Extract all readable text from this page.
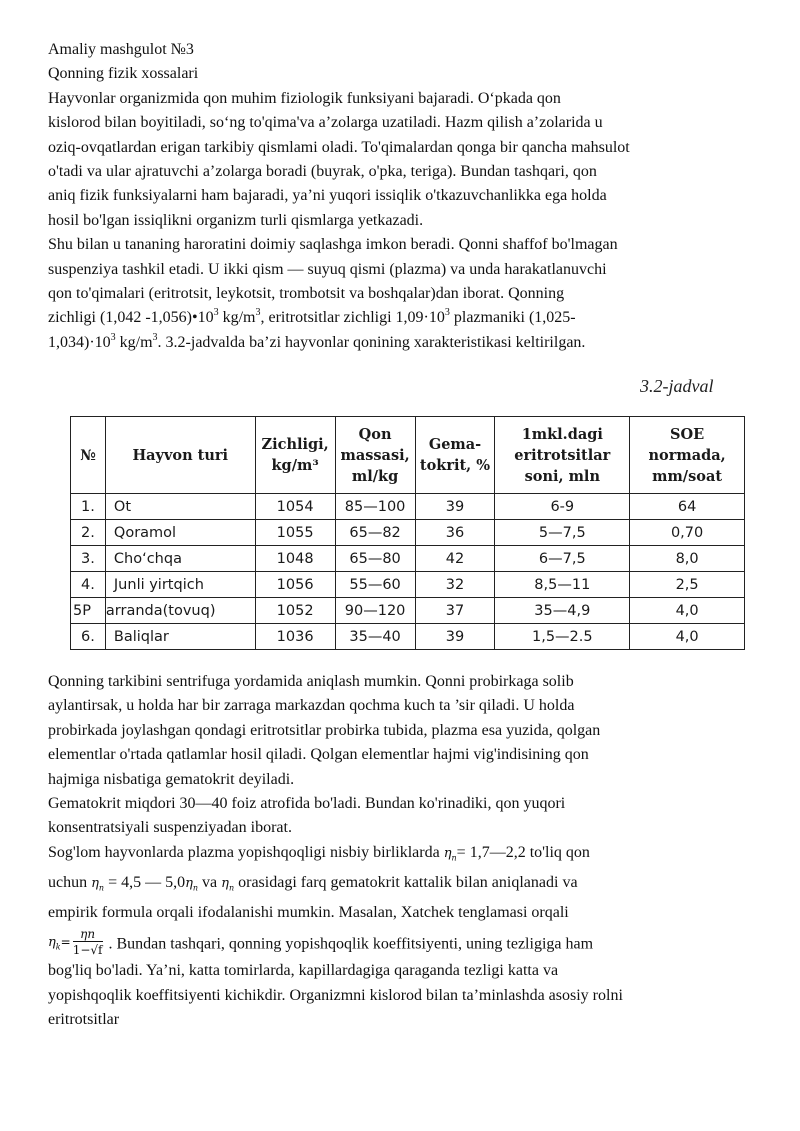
Amaliy mashgulot №3

Qonning fizik xossalari

Hayvonlar organizmida qon muhim fiziologik funksiyani bajaradi. O‘pkada qon
kislorod bilan boyitiladi, so‘ng to'qima'va a’zolarga uzatiladi. Hazm qilish a’zolarida u
oziq-ovqatlardan erigan tarkibiy qismlami oladi. To'qimalardan qonga bir qancha mahsulot
o'tadi va ular ajratuvchi a’zolarga boradi (buyrak, o'pka, teriga). Bundan tashqari, qon
aniq fizik funksiyalarni ham bajaradi, ya’ni yuqori issiqlik o'tkazuvchanlikka ega holda
hosil bo'lgan issiqlikni organizm turli qismlarga yetkazadi.

Shu bilan u tananing haroratini doimiy saqlashga imkon beradi. Qonni shaffof bo'lmagan
suspenziya tashkil etadi. U ikki qism — suyuq qismi (plazma) va unda harakatlanuvchi
qon to'qimalari (eritrotsit, leykotsit, trombotsit va boshqalar)dan iborat. Qonning
zichligi (1,042 $-1,056)•10^3$ $kg/m^3$, eritrotsitlar zichligi $1,09\cdot 10^3$ plazmaniki (1,025-
$1,034)\cdot 10^3$ $kg/m^3$. 3.2-jadvalda ba’zi hayvonlar qonining xarakteristikasi keltirilgan.

3.2-jadval
№	Hayvon turi	Zichligi, kg/m³	Qon massasi, ml/kg	Gema- tokrit, %	1mkl.dagi eritrotsitlar soni, mln	SOE normada, mm/soat
1.	Ot	1054	85—100	39	6-9	64
2.	Qoramol	1055	65—82	36	5—7,5	0,70
3.	Cho‘chqa	1048	65—80	42	6—7,5	8,0
4.	Junli yirtqich	1056	55—60	32	8,5—11	2,5
5P	arranda(tovuq)	1052	90—120	37	35—4,9	4,0
6.	Baliqlar	1036	35—40	39	1,5—2.5	4,0

Qonning tarkibini sentrifuga yordamida aniqlash mumkin. Qonni probirkaga solib
aylantirsak, u holda har bir zarraga markazdan qochma kuch ta ’sir qiladi. U holda
probirkada joylashgan qondagi eritrotsitlar probirka tubida, plazma esa yuzida, qolgan
elementlar o'rtada qatlamlar hosil qiladi. Qolgan elementlar hajmi vig'indisining qon
hajmiga nisbatiga gematokrit deyiladi.

Gematokrit miqdori 30—40 foiz atrofida bo'ladi. Bundan ko'rinadiki, qon yuqori
konsentratsiyali suspenziyadan iborat.

Sog'lom hayvonlarda plazma yopishqoqligi nisbiy birliklarda $\eta_п=$ 1,7—2,2 to'liq qon
uchun $\eta_п = 4,5$ — $5,0\eta_п$ va $\eta_п$ orasidagi farq gematokrit kattalik bilan aniqlanadi va
empirik formula orqali ifodalanishi mumkin. Masalan, Xatchek tenglamasi orqali
$\eta_k= \frac{\eta п}{1-√f}$ . Bundan tashqari, qonning yopishqoqlik koeffitsiyenti, uning tezligiga ham
bog'liq bo'ladi. Ya’ni, katta tomirlarda, kapillardagiga qaraganda tezligi katta va
yopishqoqlik koeffitsiyenti kichikdir. Organizmni kislorod bilan ta’minlashda asosiy rolni
eritrotsitlar
